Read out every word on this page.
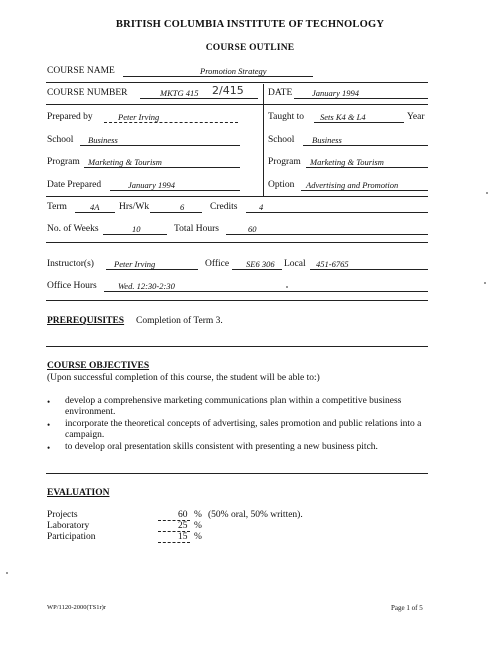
BRITISH COLUMBIA INSTITUTE OF TECHNOLOGY
COURSE OUTLINE
COURSE NAME	Promotion Strategy
COURSE NUMBER	MKTG 415 2/415	DATE January 1994
Prepared by	Peter Irving	Taught to Sets K4 & L4	Year
School Business	School Business
Program Marketing & Tourism	Program Marketing & Tourism
Date Prepared	January 1994	Option Advertising and Promotion
Term	4A Hrs/Wk	6	Credits	4
No. of Weeks	10	Total Hours	60
Instructor(s) Peter Irving	Office SE6 306 Local 451-6765
Office Hours	Wed. 12:30-2:30
PREREQUISITES Completion of Term 3.
COURSE OBJECTIVES
(Upon successful completion of this course, the student will be able to:)
• develop a comprehensive marketing communications plan within a competitive business environment.
• incorporate the theoretical concepts of advertising, sales promotion and public relations into a campaign.
• to develop oral presentation skills consistent with presenting a new business pitch.
EVALUATION
Projects	60 % (50% oral, 50% written).
Laboratory	25 %
Participation	15 %
WP/1120-2000(TS1r)r	Page 1 of 5
